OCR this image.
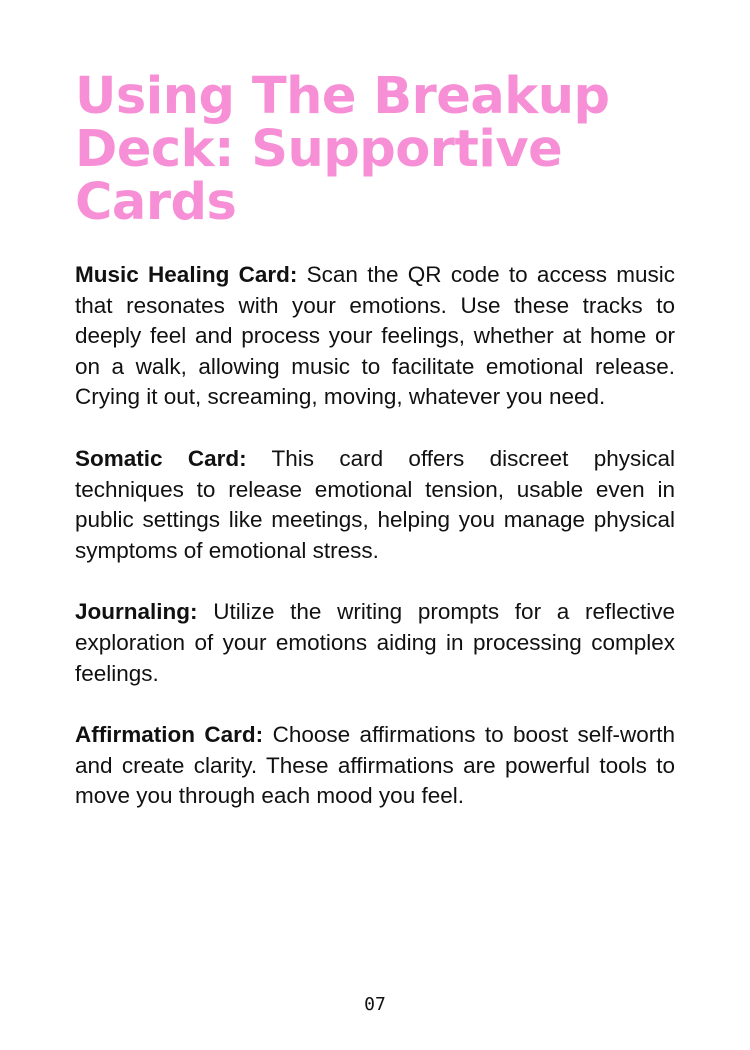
Using The Breakup Deck: Supportive Cards

Music Healing Card: Scan the QR code to access music that resonates with your emotions. Use these tracks to deeply feel and process your feelings, whether at home or on a walk, allowing music to facilitate emotional release. Crying it out, screaming, moving, whatever you need.

Somatic Card: This card offers discreet physical techniques to release emotional tension, usable even in public settings like meetings, helping you manage physical symptoms of emotional stress.

Journaling: Utilize the writing prompts for a reflective exploration of your emotions aiding in processing complex feelings.

Affirmation Card: Choose affirmations to boost self-worth and create clarity. These affirmations are powerful tools to move you through each mood you feel.

07
